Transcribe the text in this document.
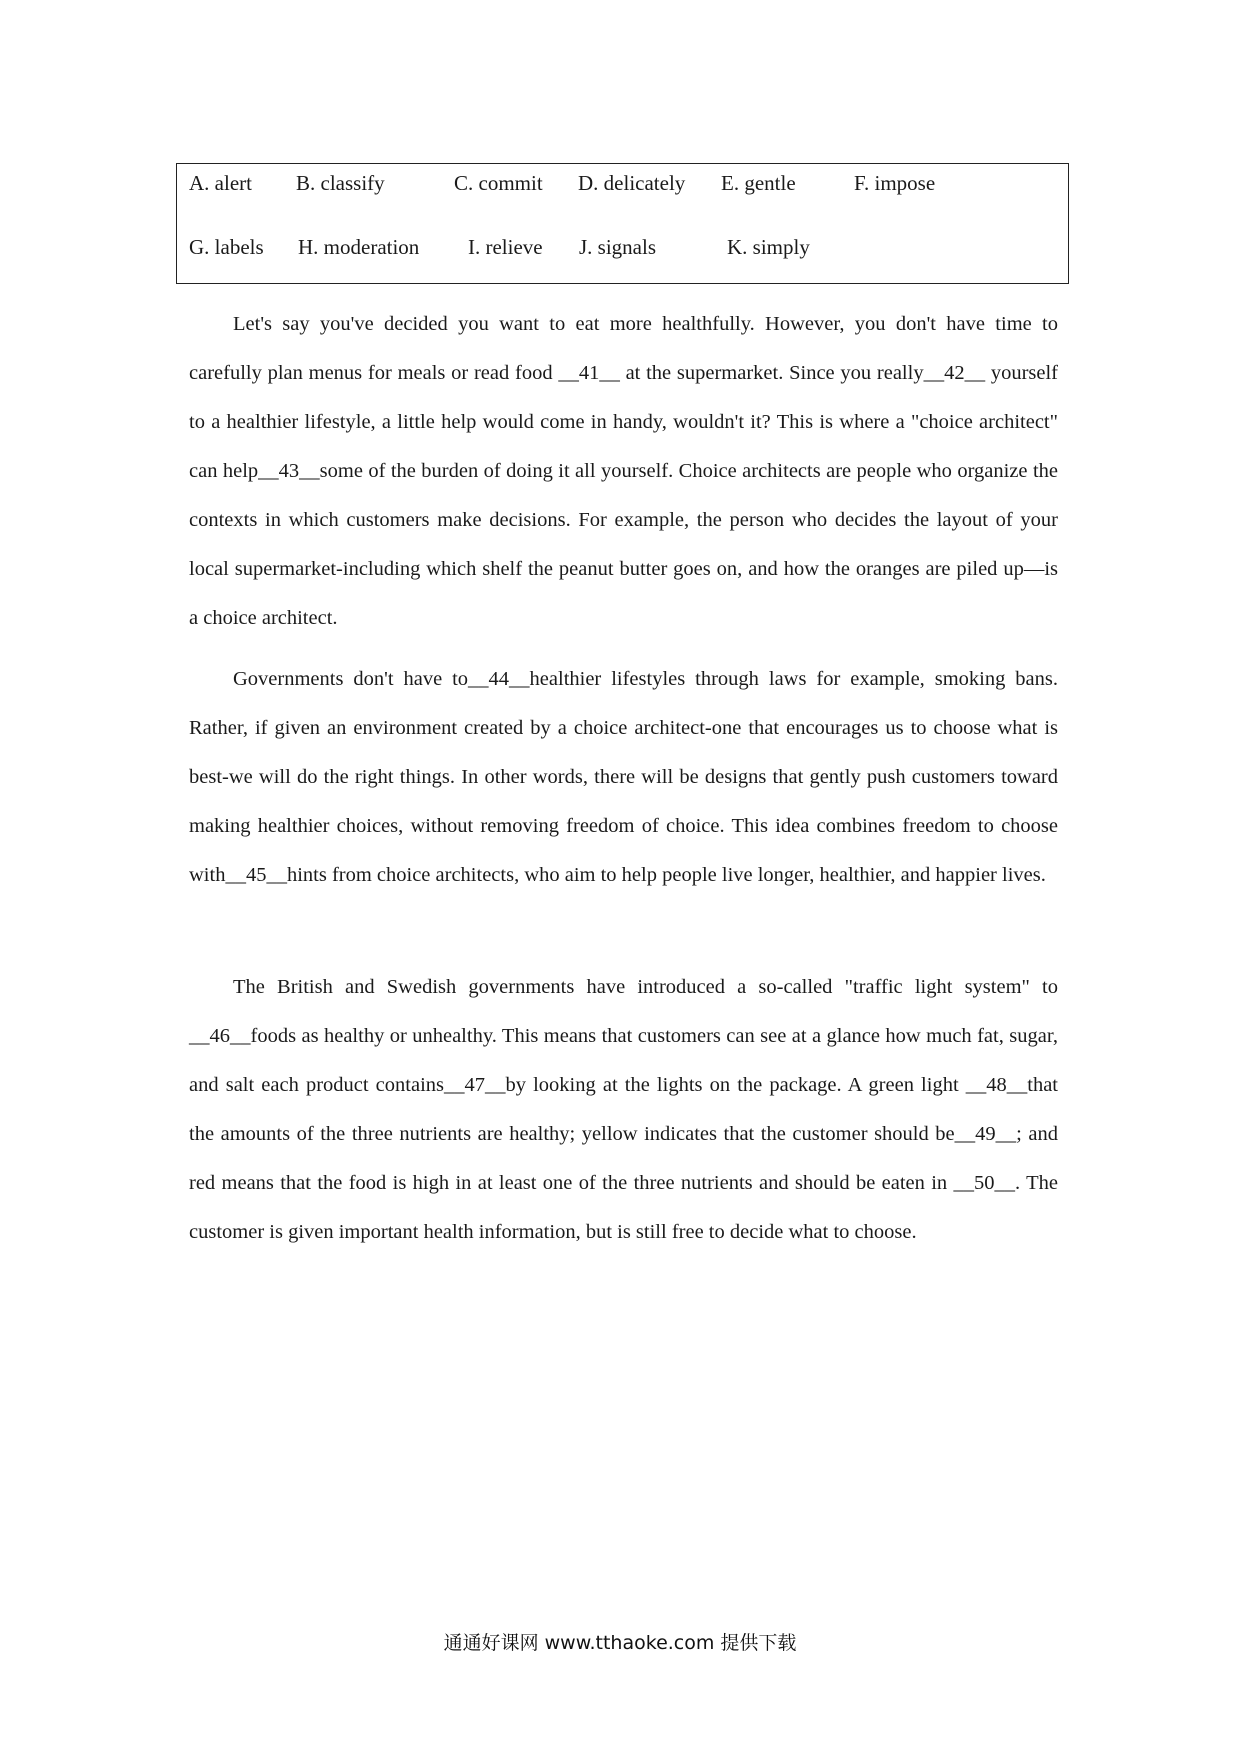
A. alert B. classify	C. commit D. delicately E. gentle	F. impose
G. labels H. moderation I. relieve J. signals	K. simply

Let's say you've decided you want to eat more healthfully. However, you don't have time to carefully plan menus for meals or read food __41__ at the supermarket. Since you really__42__ yourself to a healthier lifestyle, a little help would come in handy, wouldn't it? This is where a "choice architect" can help__43__some of the burden of doing it all yourself. Choice architects are people who organize the contexts in which customers make decisions. For example, the person who decides the layout of your local supermarket-including which shelf the peanut butter goes on, and how the oranges are piled up—is a choice architect.

Governments don't have to__44__healthier lifestyles through laws for example, smoking bans. Rather, if given an environment created by a choice architect-one that encourages us to choose what is best-we will do the right things. In other words, there will be designs that gently push customers toward making healthier choices, without removing freedom of choice. This idea combines freedom to choose with__45__hints from choice architects, who aim to help people live longer, healthier, and happier lives.

The British and Swedish governments have introduced a so-called "traffic light system" to __46__foods as healthy or unhealthy. This means that customers can see at a glance how much fat, sugar, and salt each product contains__47__by looking at the lights on the package. A green light __48__that the amounts of the three nutrients are healthy; yellow indicates that the customer should be__49__; and red means that the food is high in at least one of the three nutrients and should be eaten in __50__. The customer is given important health information, but is still free to decide what to choose.

通通好课网 www.tthaoke.com 提供下载
